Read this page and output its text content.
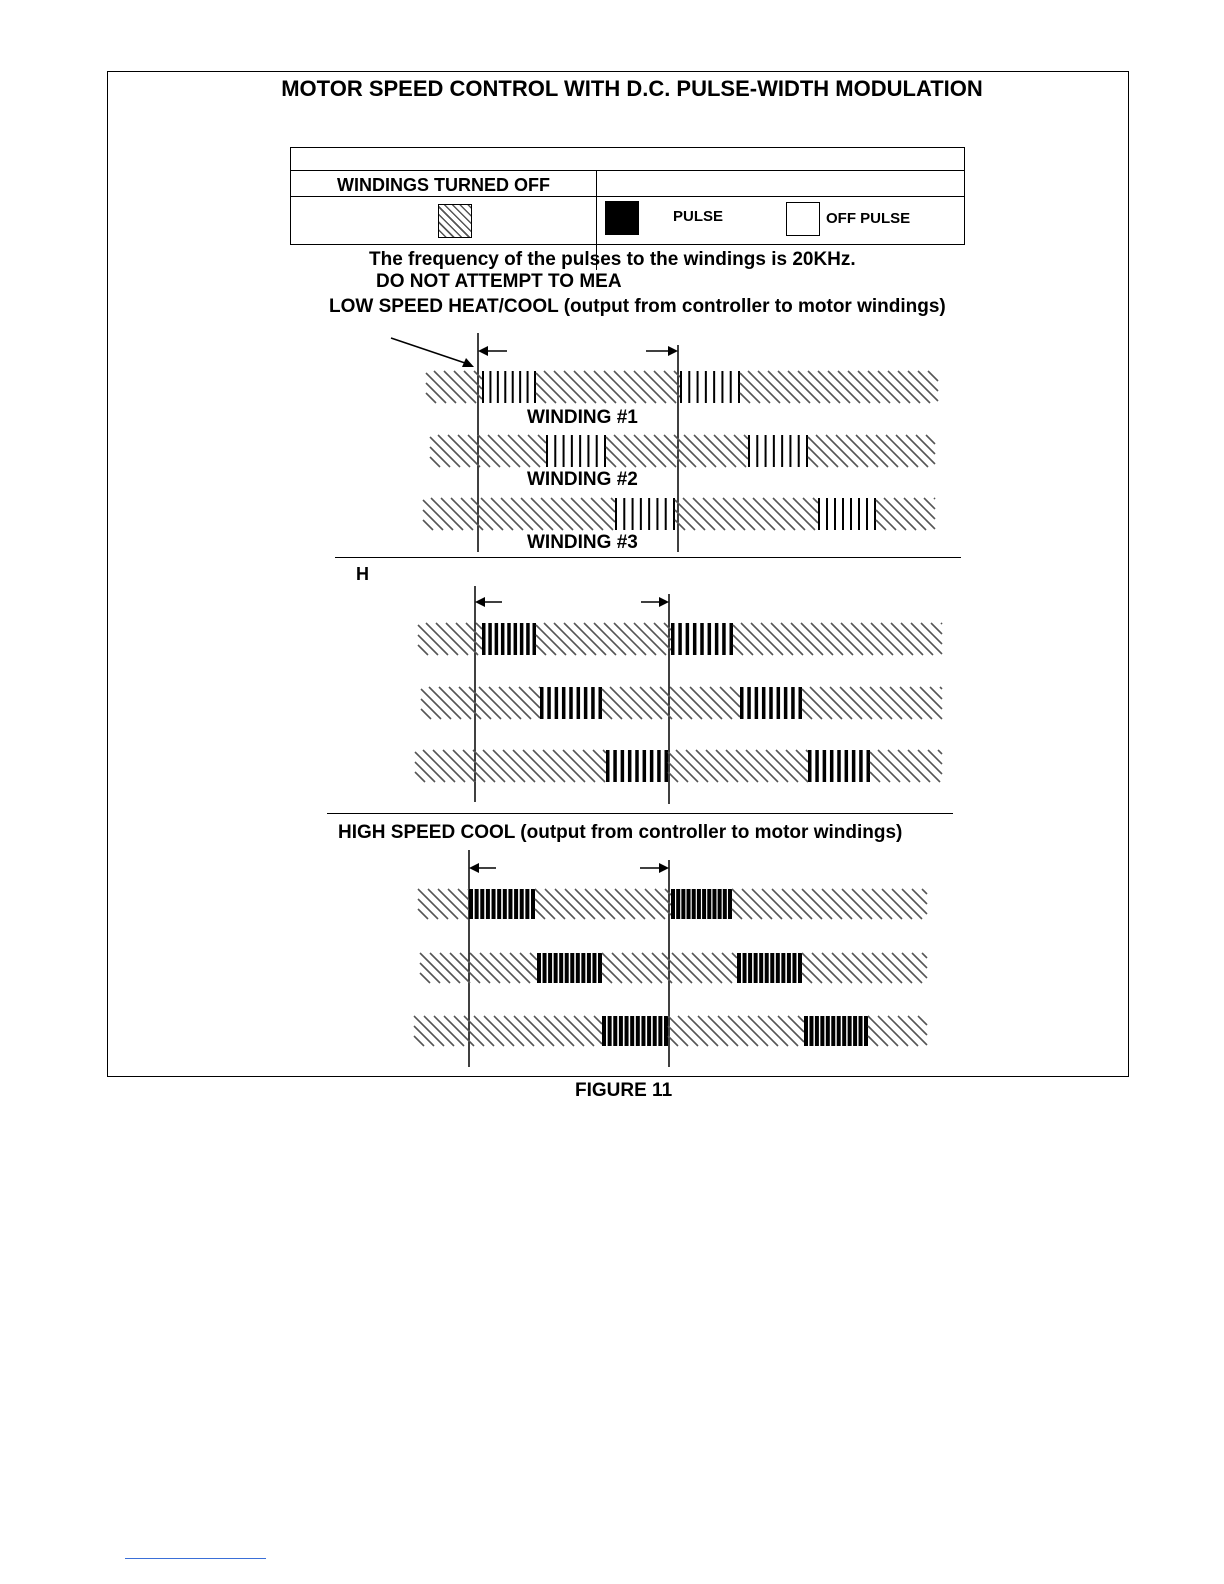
MOTOR SPEED CONTROL WITH D.C. PULSE-WIDTH MODULATION
WINDINGS TURNED OFF
PULSE	OFF PULSE
The frequency of the pulses to the windings is 20KHz.
DO NOT ATTEMPT TO MEA
LOW SPEED HEAT/COOL (output from controller to motor windings)
H
HIGH SPEED COOL (output from controller to motor windings)
WINDING #1
WINDING #2
WINDING #3
FIGURE 11
